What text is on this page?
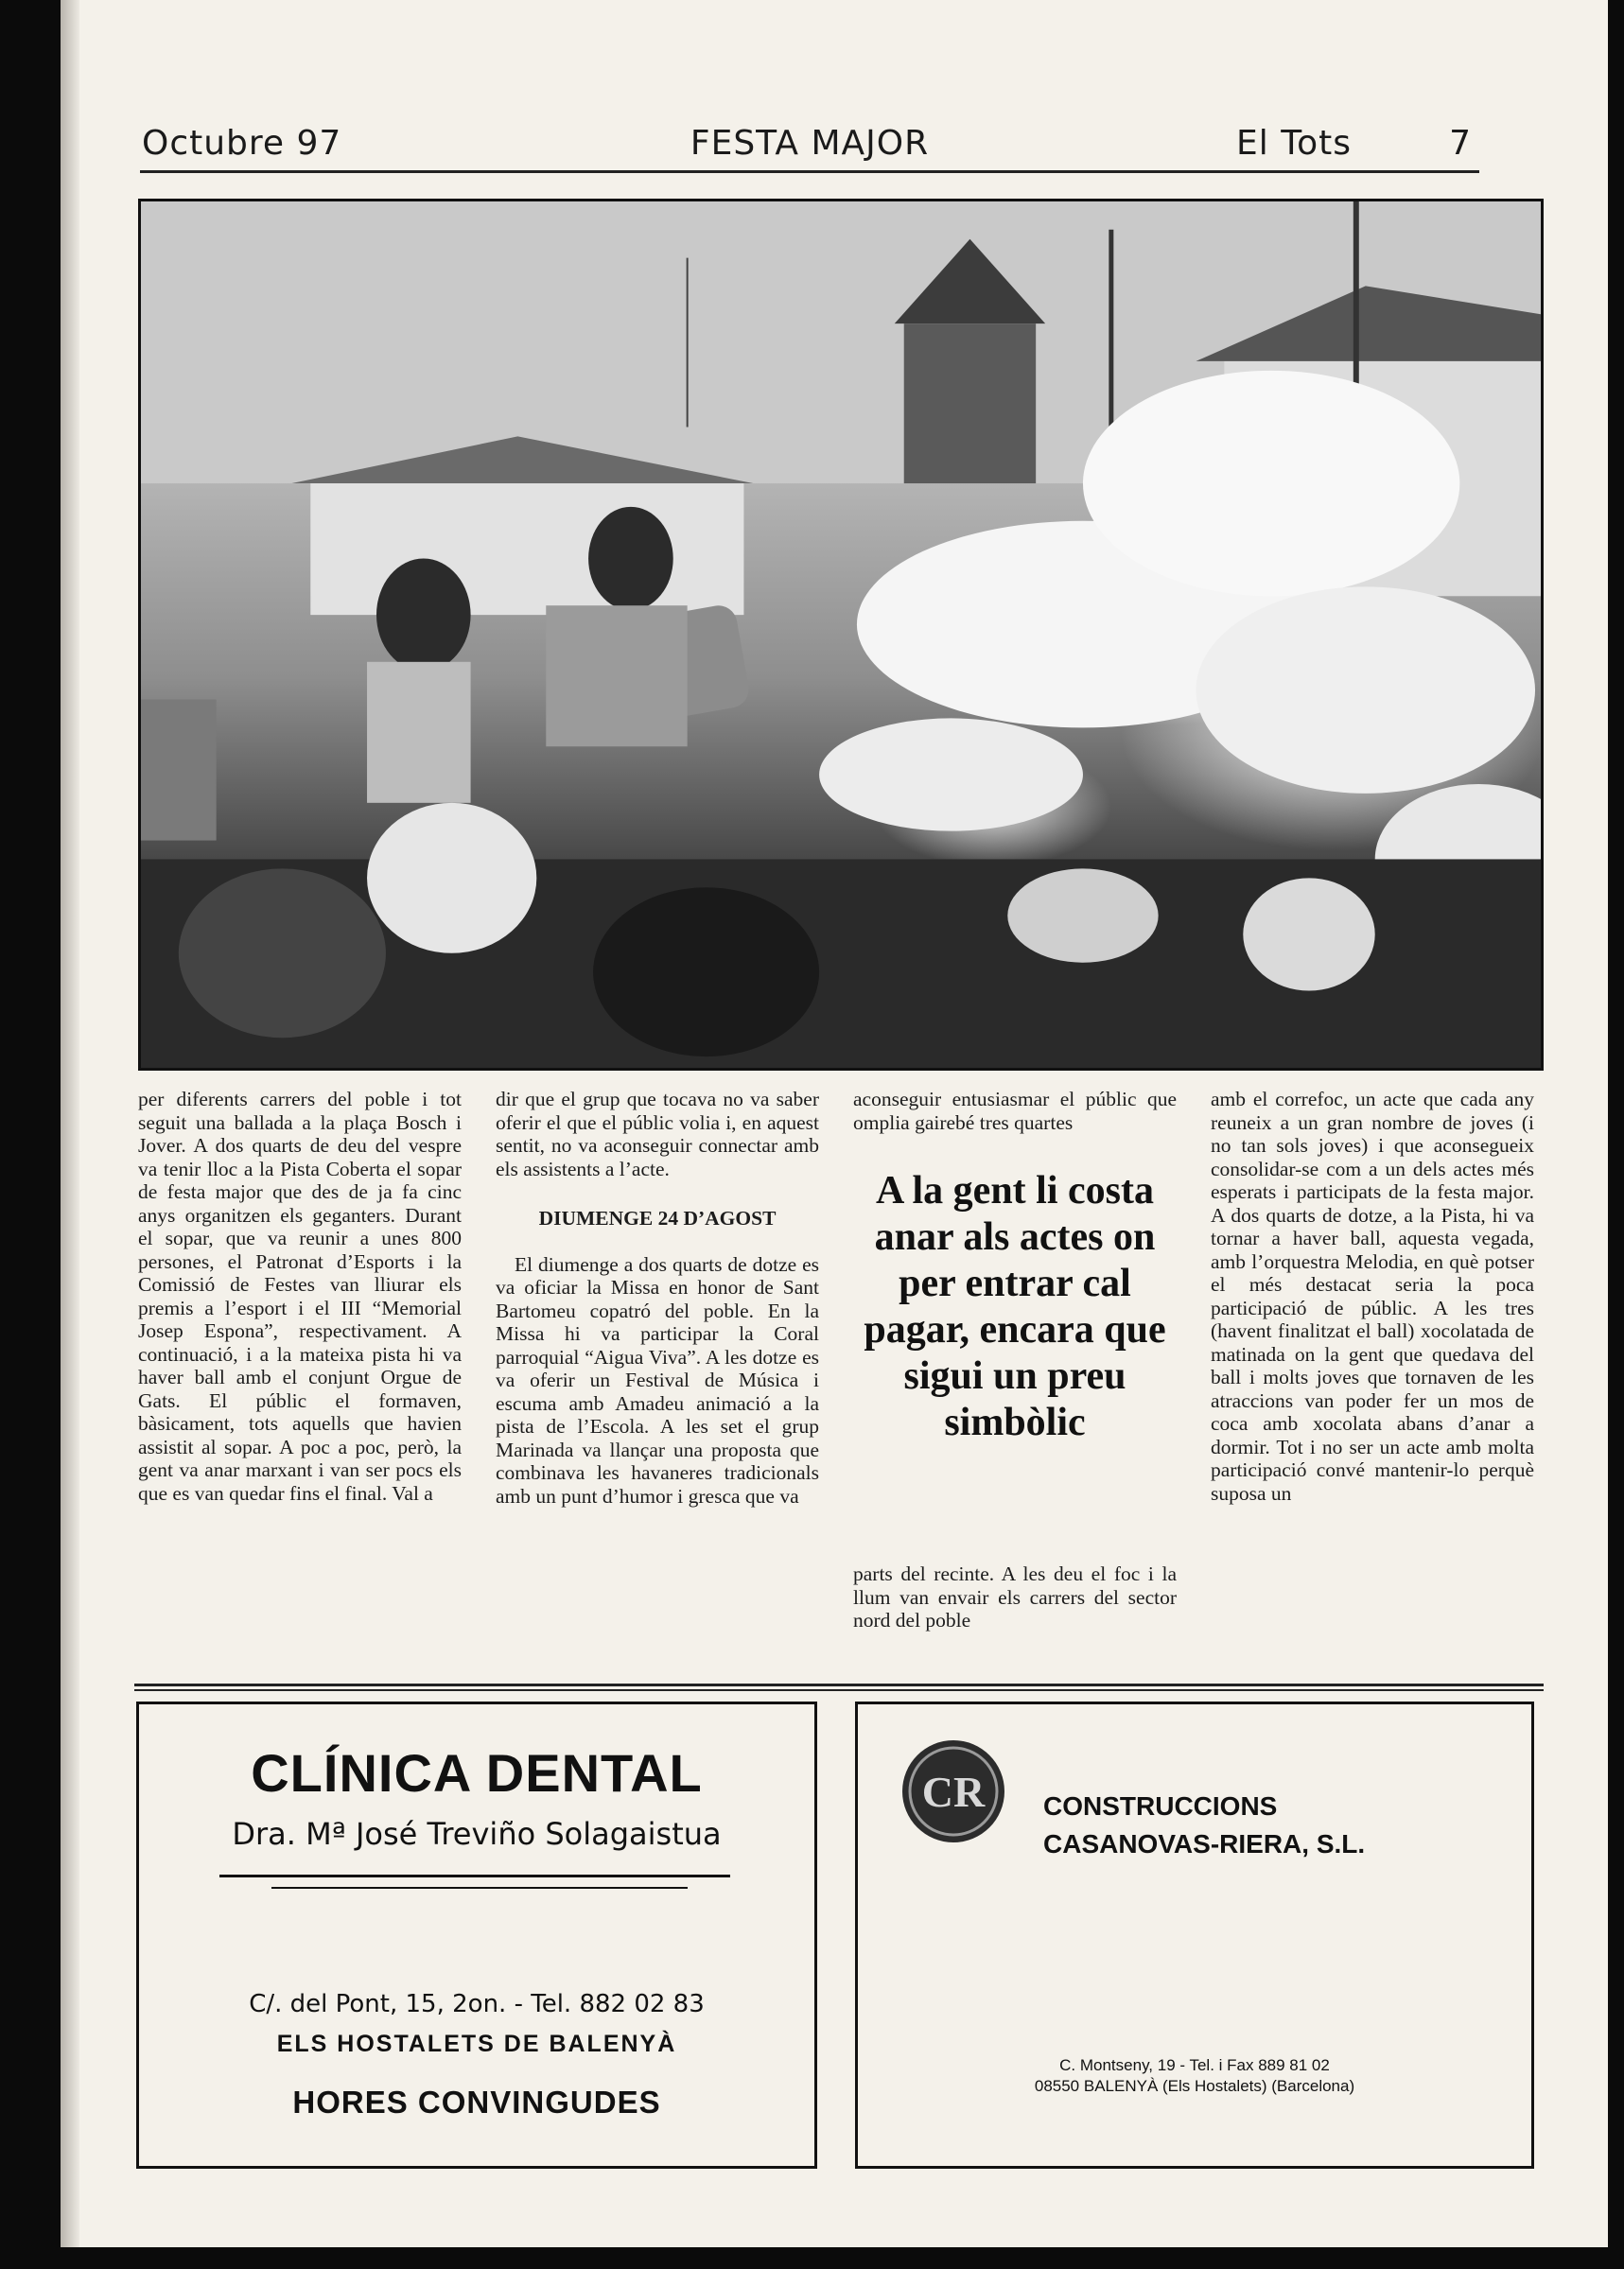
Octubre 97	FESTA MAJOR	El Tots	7

per diferents carrers del poble i tot seguit una ballada a la plaça Bosch i Jover. A dos quarts de deu del vespre va tenir lloc a la Pista Coberta el sopar de festa major que des de ja fa cinc anys organitzen els geganters. Durant el sopar, que va reunir a unes 800 persones, el Patronat d’Esports i la Comissió de Festes van lliurar els premis a l’esport i el III “Memorial Josep Espona”, respectivament. A continuació, i a la mateixa pista hi va haver ball amb el conjunt Orgue de Gats. El públic el formaven, bàsicament, tots aquells que havien assistit al sopar. A poc a poc, però, la gent va anar marxant i van ser pocs els que es van quedar fins el final. Val a

dir que el grup que tocava no va saber oferir el que el públic volia i, en aquest sentit, no va aconseguir connectar amb els assistents a l’acte.

DIUMENGE 24 D’AGOST

El diumenge a dos quarts de dotze es va oficiar la Missa en honor de Sant Bartomeu copatró del poble. En la Missa hi va participar la Coral parroquial “Aigua Viva”. A les dotze es va oferir un Festival de Música i escuma amb Amadeu animació a la pista de l’Escola. A les set el grup Marinada va llançar una proposta que combinava les havaneres tradicionals amb un punt d’humor i gresca que va

aconseguir entusiasmar el públic que omplia gairebé tres quartes

A la gent li costa anar als actes on per entrar cal pagar, encara que sigui un preu simbòlic

parts del recinte. A les deu el foc i la llum van envair els carrers del sector nord del poble

amb el correfoc, un acte que cada any reuneix a un gran nombre de joves (i no tan sols joves) i que aconsegueix consolidar-se com a un dels actes més esperats i participats de la festa major. A dos quarts de dotze, a la Pista, hi va tornar a haver ball, aquesta vegada, amb l’orquestra Melodia, en què potser el més destacat seria la poca participació de públic. A les tres (havent finalitzat el ball) xocolatada de matinada on la gent que quedava del ball i molts joves que tornaven de les atraccions van poder fer un mos de coca amb xocolata abans d’anar a dormir. Tot i no ser un acte amb molta participació convé mantenir-lo perquè suposa un

CLÍNICA DENTAL
Dra. Mª José Treviño Solagaistua
C/. del Pont, 15, 2on. - Tel. 882 02 83
ELS HOSTALETS DE BALENYÀ
HORES CONVINGUDES
CR CONSTRUCCIONS
CASANOVAS-RIERA, S.L.
C. Montseny, 19 - Tel. i Fax 889 81 02
08550 BALENYÀ (Els Hostalets) (Barcelona)
